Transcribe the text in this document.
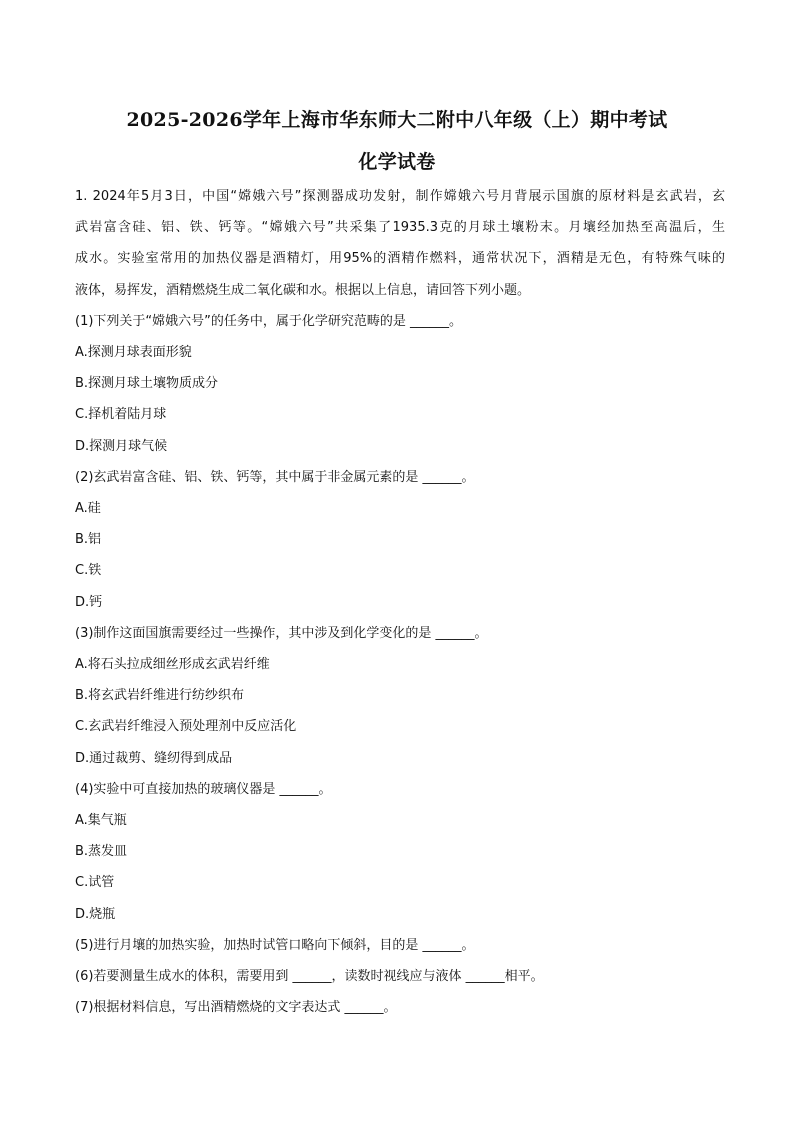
2025-2026学年上海市华东师大二附中八年级（上）期中考试
化学试卷

1. 2024年5月3日，中国“嫦娥六号”探测器成功发射，制作嫦娥六号月背展示国旗的原材料是玄武岩，玄

武岩富含硅、铝、铁、钙等。“嫦娥六号”共采集了1935.3克的月球土壤粉末。月壤经加热至高温后，生

成水。实验室常用的加热仪器是酒精灯，用95%的酒精作燃料，通常状况下，酒精是无色，有特殊气味的

液体，易挥发，酒精燃烧生成二氧化碳和水。根据以上信息，请回答下列小题。

(1)下列关于“嫦娥六号”的任务中，属于化学研究范畴的是 ______。

A.探测月球表面形貌

B.探测月球土壤物质成分

C.择机着陆月球

D.探测月球气候

(2)玄武岩富含硅、铝、铁、钙等，其中属于非金属元素的是 ______。

A.硅

B.铝

C.铁

D.钙

(3)制作这面国旗需要经过一些操作，其中涉及到化学变化的是 ______。

A.将石头拉成细丝形成玄武岩纤维

B.将玄武岩纤维进行纺纱织布

C.玄武岩纤维浸入预处理剂中反应活化

D.通过裁剪、缝纫得到成品

(4)实验中可直接加热的玻璃仪器是 ______。

A.集气瓶

B.蒸发皿

C.试管

D.烧瓶

(5)进行月壤的加热实验，加热时试管口略向下倾斜，目的是 ______。

(6)若要测量生成水的体积，需要用到 ______，读数时视线应与液体 ______相平。

(7)根据材料信息，写出酒精燃烧的文字表达式 ______。
